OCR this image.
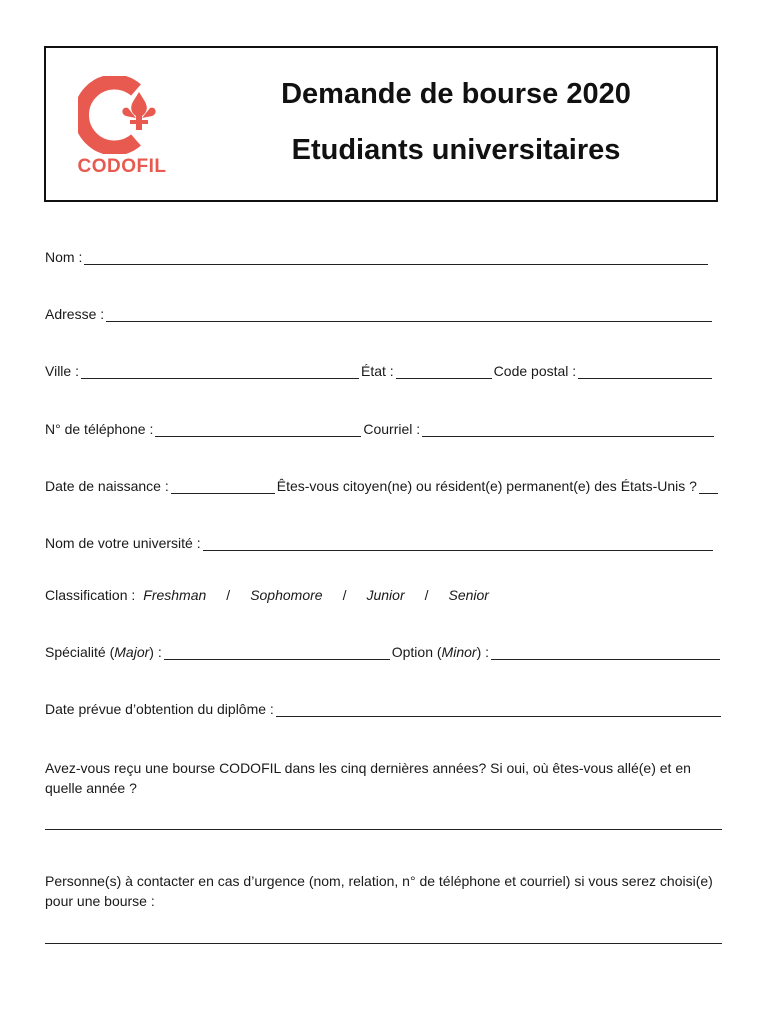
CODOFIL
Demande de bourse 2020
Etudiants universitaires
Nom :
Adresse :
Ville :	État :	Code postal :
N° de téléphone :	Courriel :
Date de naissance :	Êtes-vous citoyen(ne) ou résident(e) permanent(e) des États-Unis ?
Nom de votre université :
Classification : Freshman / Sophomore / Junior / Senior
Spécialité ( Major ) :	Option ( Minor ) :
Date prévue d’obtention du diplôme :
Avez-vous reçu une bourse CODOFIL dans les cinq dernières années? Si oui, où êtes-vous allé(e) et en quelle année ?
Personne(s) à contacter en cas d’urgence (nom, relation, n° de téléphone et courriel) si vous serez choisi(e) pour une bourse :
